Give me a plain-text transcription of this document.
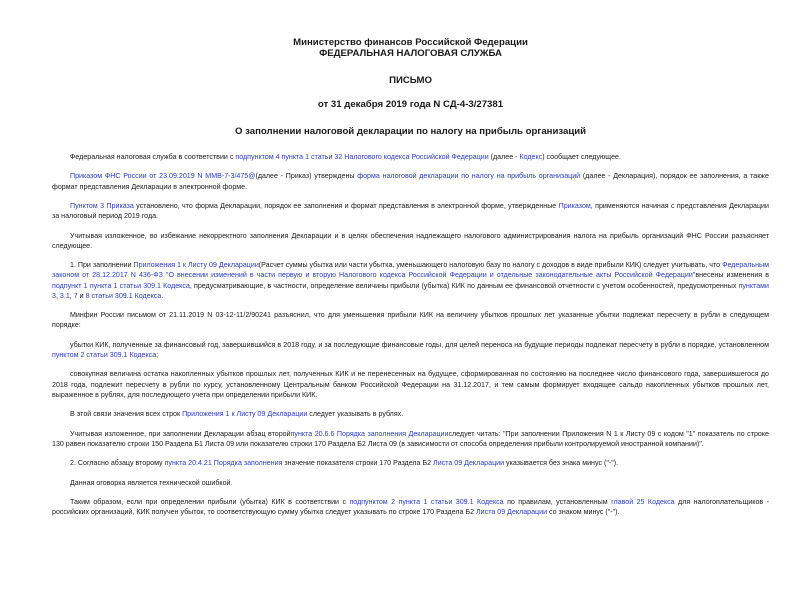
Министерство финансов Российской Федерации
ФЕДЕРАЛЬНАЯ НАЛОГОВАЯ СЛУЖБА
ПИСЬМО
от 31 декабря 2019 года N СД-4-3/27381
О заполнении налоговой декларации по налогу на прибыль организаций

Федеральная налоговая служба в соответствии с подпунктом 4 пункта 1 статьи 32 Налогового кодекса Российской Федерации (далее - Кодекс) сообщает следующее.

Приказом ФНС России от 23.09.2019 N ММВ-7-3/475@(далее - Приказ) утверждены форма налоговой декларации по налогу на прибыль организаций (далее - Декларация), порядок ее заполнения, а также формат представления Декларации в электронной форме.

Пунктом 3 Приказа установлено, что форма Декларации, порядок ее заполнения и формат представления в электронной форме, утвержденные Приказом, применяются начиная с представления Декларации за налоговый период 2019 года.

Учитывая изложенное, во избежание некорректного заполнения Декларации и в целях обеспечения надлежащего налогового администрирования налога на прибыль организаций ФНС России разъясняет следующее.

1. При заполнении Приложения 1 к Листу 09 Декларации(Расчет суммы убытка или части убытка, уменьшающего налоговую базу по налогу с доходов в виде прибыли КИК) следует учитывать, что Федеральным законом от 28.12.2017 N 436-ФЗ "О внесении изменений в части первую и вторую Налогового кодекса Российской Федерации и отдельные законодательные акты Российской Федерации"внесены изменения в подпункт 1 пункта 1 статьи 309.1 Кодекса, предусматривающие, в частности, определение величины прибыли (убытка) КИК по данным ее финансовой отчетности с учетом особенностей, предусмотренных пунктами 3, 3.1, 7 и 8 статьи 309.1 Кодекса.

Минфин России письмом от 21.11.2019 N 03-12-11/2/90241 разъяснил, что для уменьшения прибыли КИК на величину убытков прошлых лет указанные убытки подлежат пересчету в рубли в следующем порядке:

убытки КИК, полученные за финансовый год, завершившийся в 2018 году, и за последующие финансовые годы, для целей переноса на будущие периоды подлежат пересчету в рубли в порядке, установленном пунктом 2 статьи 309.1 Кодекса;

совокупная величина остатка накопленных убытков прошлых лет, полученных КИК и не перенесенных на будущее, сформированная по состоянию на последнее число финансового года, завершившегося до 2018 года, подлежит пересчету в рубли по курсу, установленному Центральным банком Российской Федерации на 31.12.2017, и тем самым формирует входящее сальдо накопленных убытков прошлых лет, выраженное в рублях, для последующего учета при определении прибыли КИК.

В этой связи значения всех строк Приложения 1 к Листу 09 Декларации следует указывать в рублях.

Учитывая изложенное, при заполнении Декларации абзац второйпункта 20.6.6 Порядка заполнения Декларацииследует читать: "При заполнении Приложения N 1 к Листу 09 с кодом "1" показатель по строке 130 равен показателю строки 150 Раздела Б1 Листа 09 или показателю строки 170 Раздела Б2 Листа 09 (в зависимости от способа определения прибыли контролируемой иностранной компании)".

2. Согласно абзацу второму пункта 20.4.21 Порядка заполнения значение показателя строки 170 Раздела Б2 Листа 09 Декларации указывается без знака минус ("-").

Данная оговорка является технической ошибкой.

Таким образом, если при определении прибыли (убытка) КИК в соответствии с подпунктом 2 пункта 1 статьи 309.1 Кодекса по правилам, установленным главой 25 Кодекса для налогоплательщиков - российских организаций, КИК получен убыток, то соответствующую сумму убытка следует указывать по строке 170 Раздела Б2 Листа 09 Декларации со знаком минус ("-").
